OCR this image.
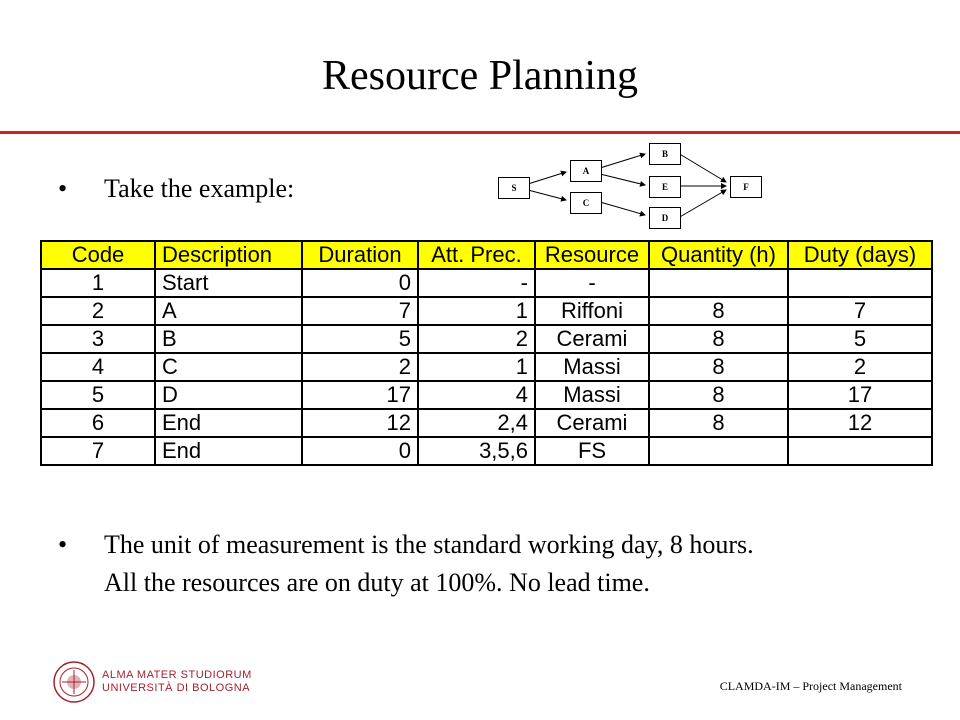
Resource Planning
• Take the example:	S
A
C
B
E
D
F
Code	Description	Duration	Att. Prec.	Resource	Quantity (h)	Duty (days)
1	Start	0	-	-		
2	A	7	1	Riffoni	8	7
3	B	5	2	Cerami	8	5
4	C	2	1	Massi	8	2
5	D	17	4	Massi	8	17
6	End	12	2,4	Cerami	8	12
7	End	0	3,5,6	FS		
• The unit of measurement is the standard working day, 8 hours.
All the resources are on duty at 100%. No lead time.
ALMA MATER STUDIORUM
UNIVERSITÀ DI BOLOGNA	CLAMDA-IM – Project Management
